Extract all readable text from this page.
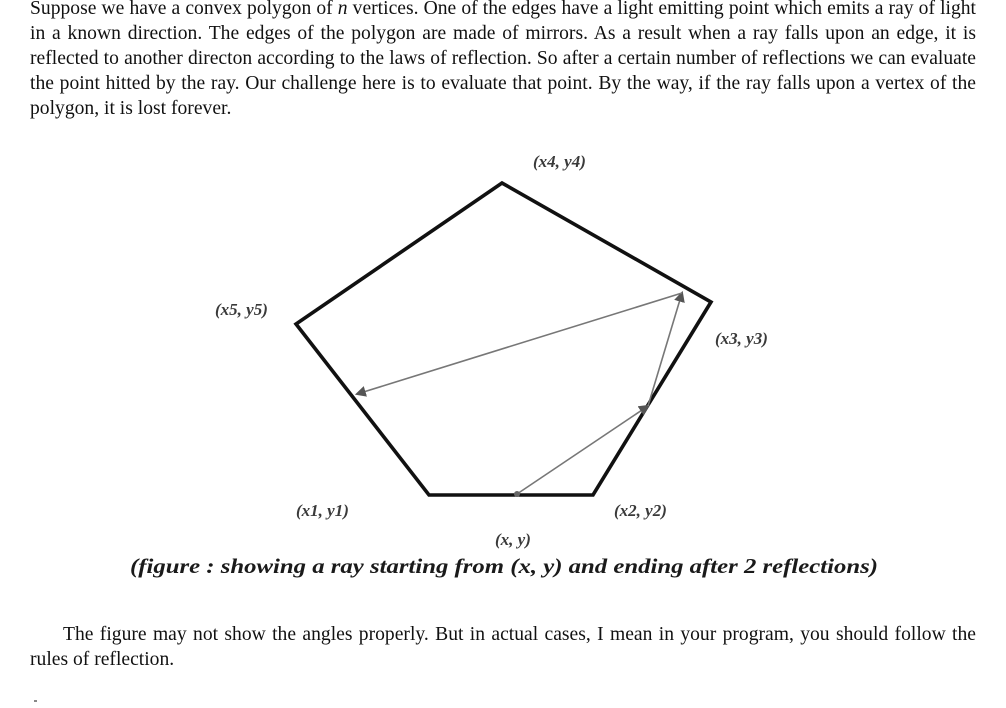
Suppose we have a convex polygon of n vertices. One of the edges have a light emitting point which emits a ray of light in a known direction. The edges of the polygon are made of mirrors. As a result when a ray falls upon an edge, it is reflected to another directon according to the laws of reflection. So after a certain number of reflections we can evaluate the point hitted by the ray. Our challenge here is to evaluate that point. By the way, if the ray falls upon a vertex of the polygon, it is lost forever.

(x4, y4)
(x5, y5)
(x3, y3)
(x1, y1)	(x2, y2)
(x, y)
(figure : showing a ray starting from (x, y) and ending after 2 reflections)

The figure may not show the angles properly. But in actual cases, I mean in your program, you should follow the rules of reflection.
